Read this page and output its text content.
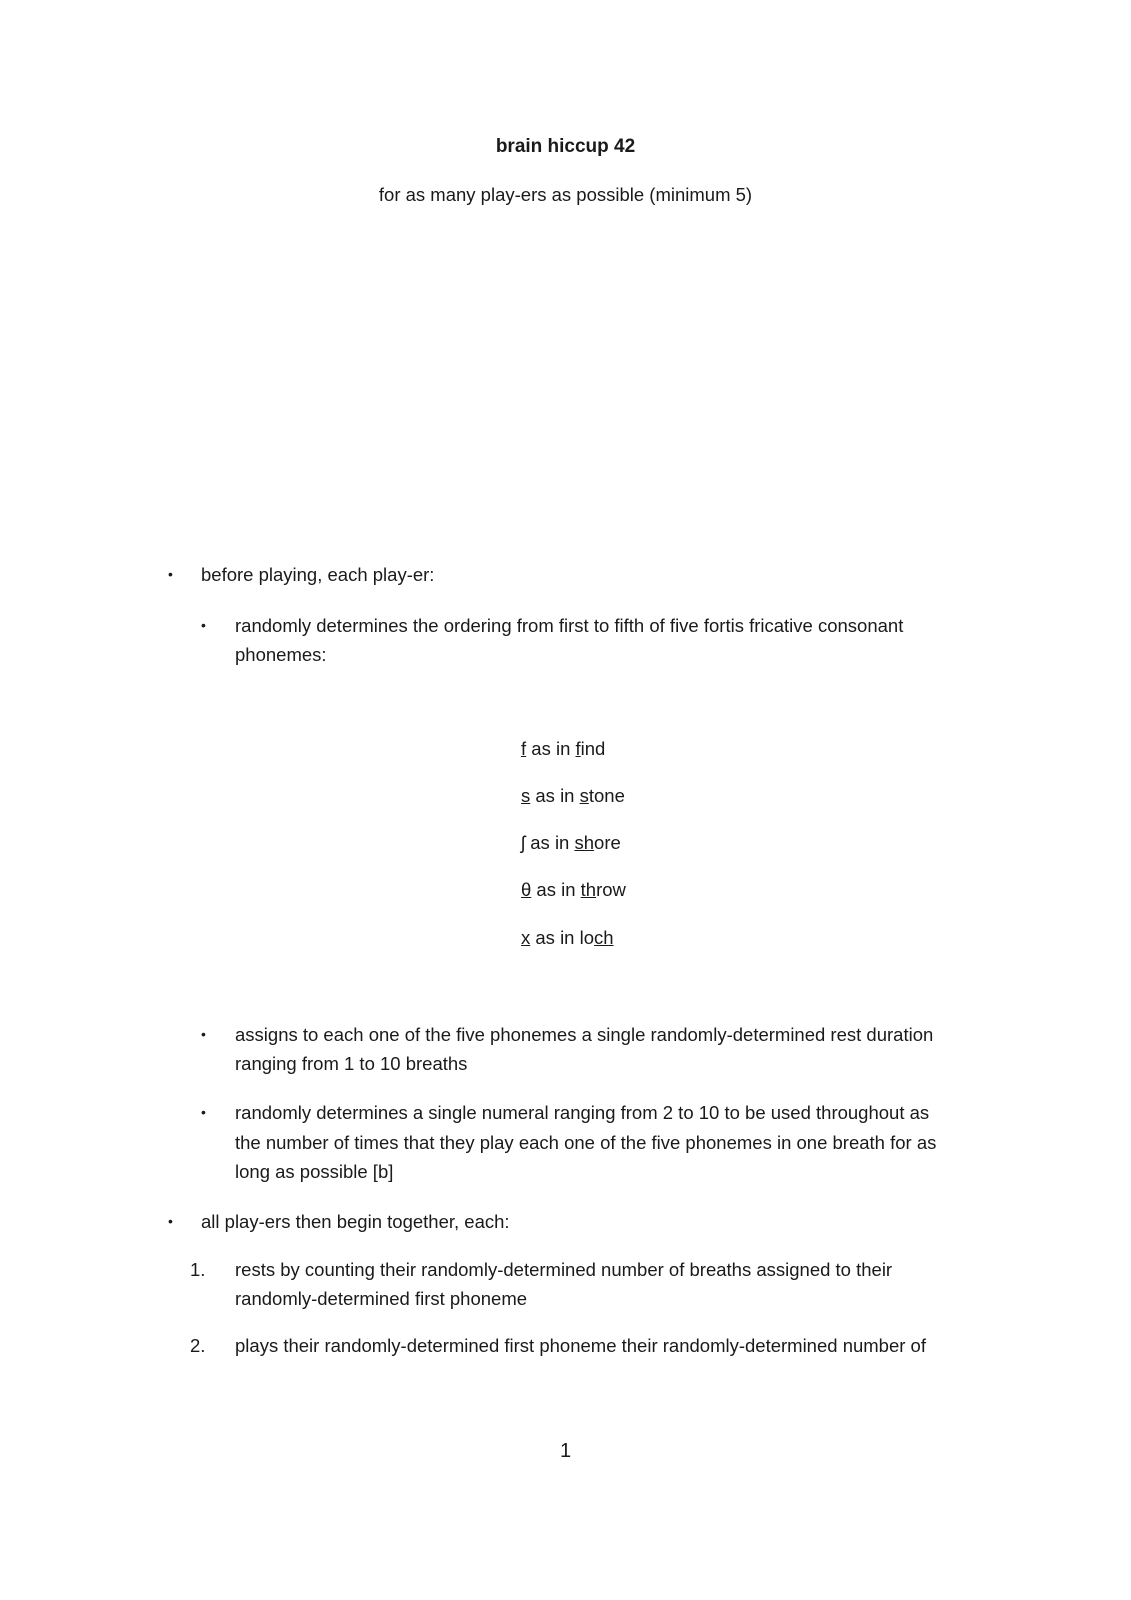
brain hiccup 42
for as many play-ers as possible (minimum 5)
• before playing, each play-er:
• randomly determines the ordering from first to fifth of five fortis fricative consonant
phonemes:
f as in find
s as in stone
ʃ as in shore
θ as in throw
x as in loch
• assigns to each one of the five phonemes a single randomly-determined rest duration
ranging from 1 to 10 breaths
• randomly determines a single numeral ranging from 2 to 10 to be used throughout as
the number of times that they play each one of the five phonemes in one breath for as
long as possible [b]
• all play-ers then begin together, each:
1. rests by counting their randomly-determined number of breaths assigned to their
randomly-determined first phoneme
2. plays their randomly-determined first phoneme their randomly-determined number of
1
